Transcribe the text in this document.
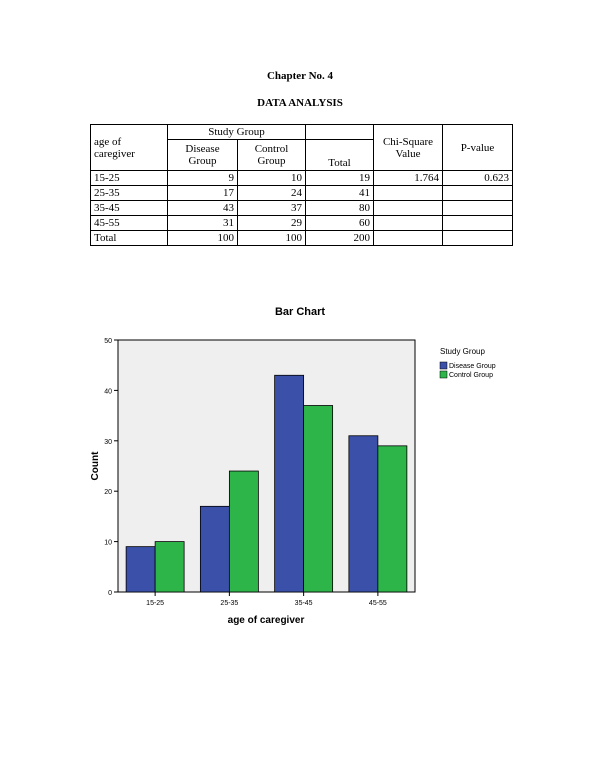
Chapter No. 4
DATA ANALYSIS
age of caregiver	Study Group			Chi-Square Value	P-value
	Disease Group	Control Group	Total		
15-25	9	10	19	1.764	0.623
25-35	17	24	41		
35-45	43	37	80		
45-55	31	29	60		
Total	100	100	200		
Bar Chart
0
10
20
30
40
50
15-25	25-35	35-45	45-55
age of caregiver
Count
Study Group
Disease Group
Control Group
